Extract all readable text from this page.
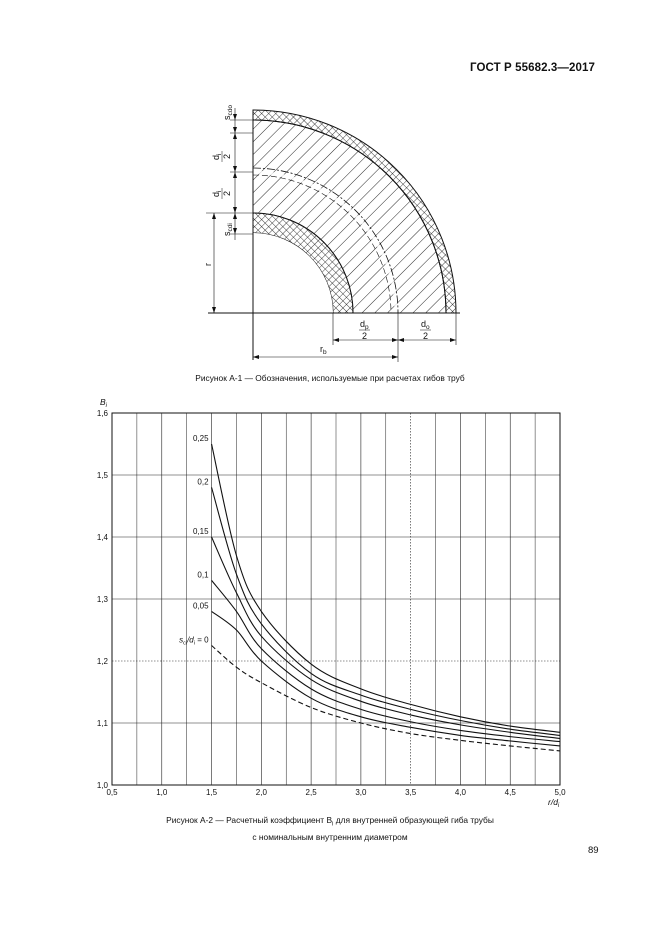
ГОСТ Р 55682.3—2017
$s_{cdo}$
$d_i$ 2
$d_i$ 2
$s_{cdi}$
r
$d_p$
2
$d_o$
2
$r_b$
0,5	1,0	1,5	2,0	2,5	3,0	3,5	4,0	4,5	5,0
1,0
1,1
1,2
1,3
1,4
1,5
1,6
$B_i$
$r/d_i$
0,25
0,2
0,15
0,1
0,05
$s_{ci}/d_i = 0$
Рисунок А-1 — Обозначения, используемые при расчетах гибов труб
Рисунок А-2 — Расчетный коэффициент $B_i$ для внутренней образующей гиба трубы
с номинальным внутренним диаметром
89
